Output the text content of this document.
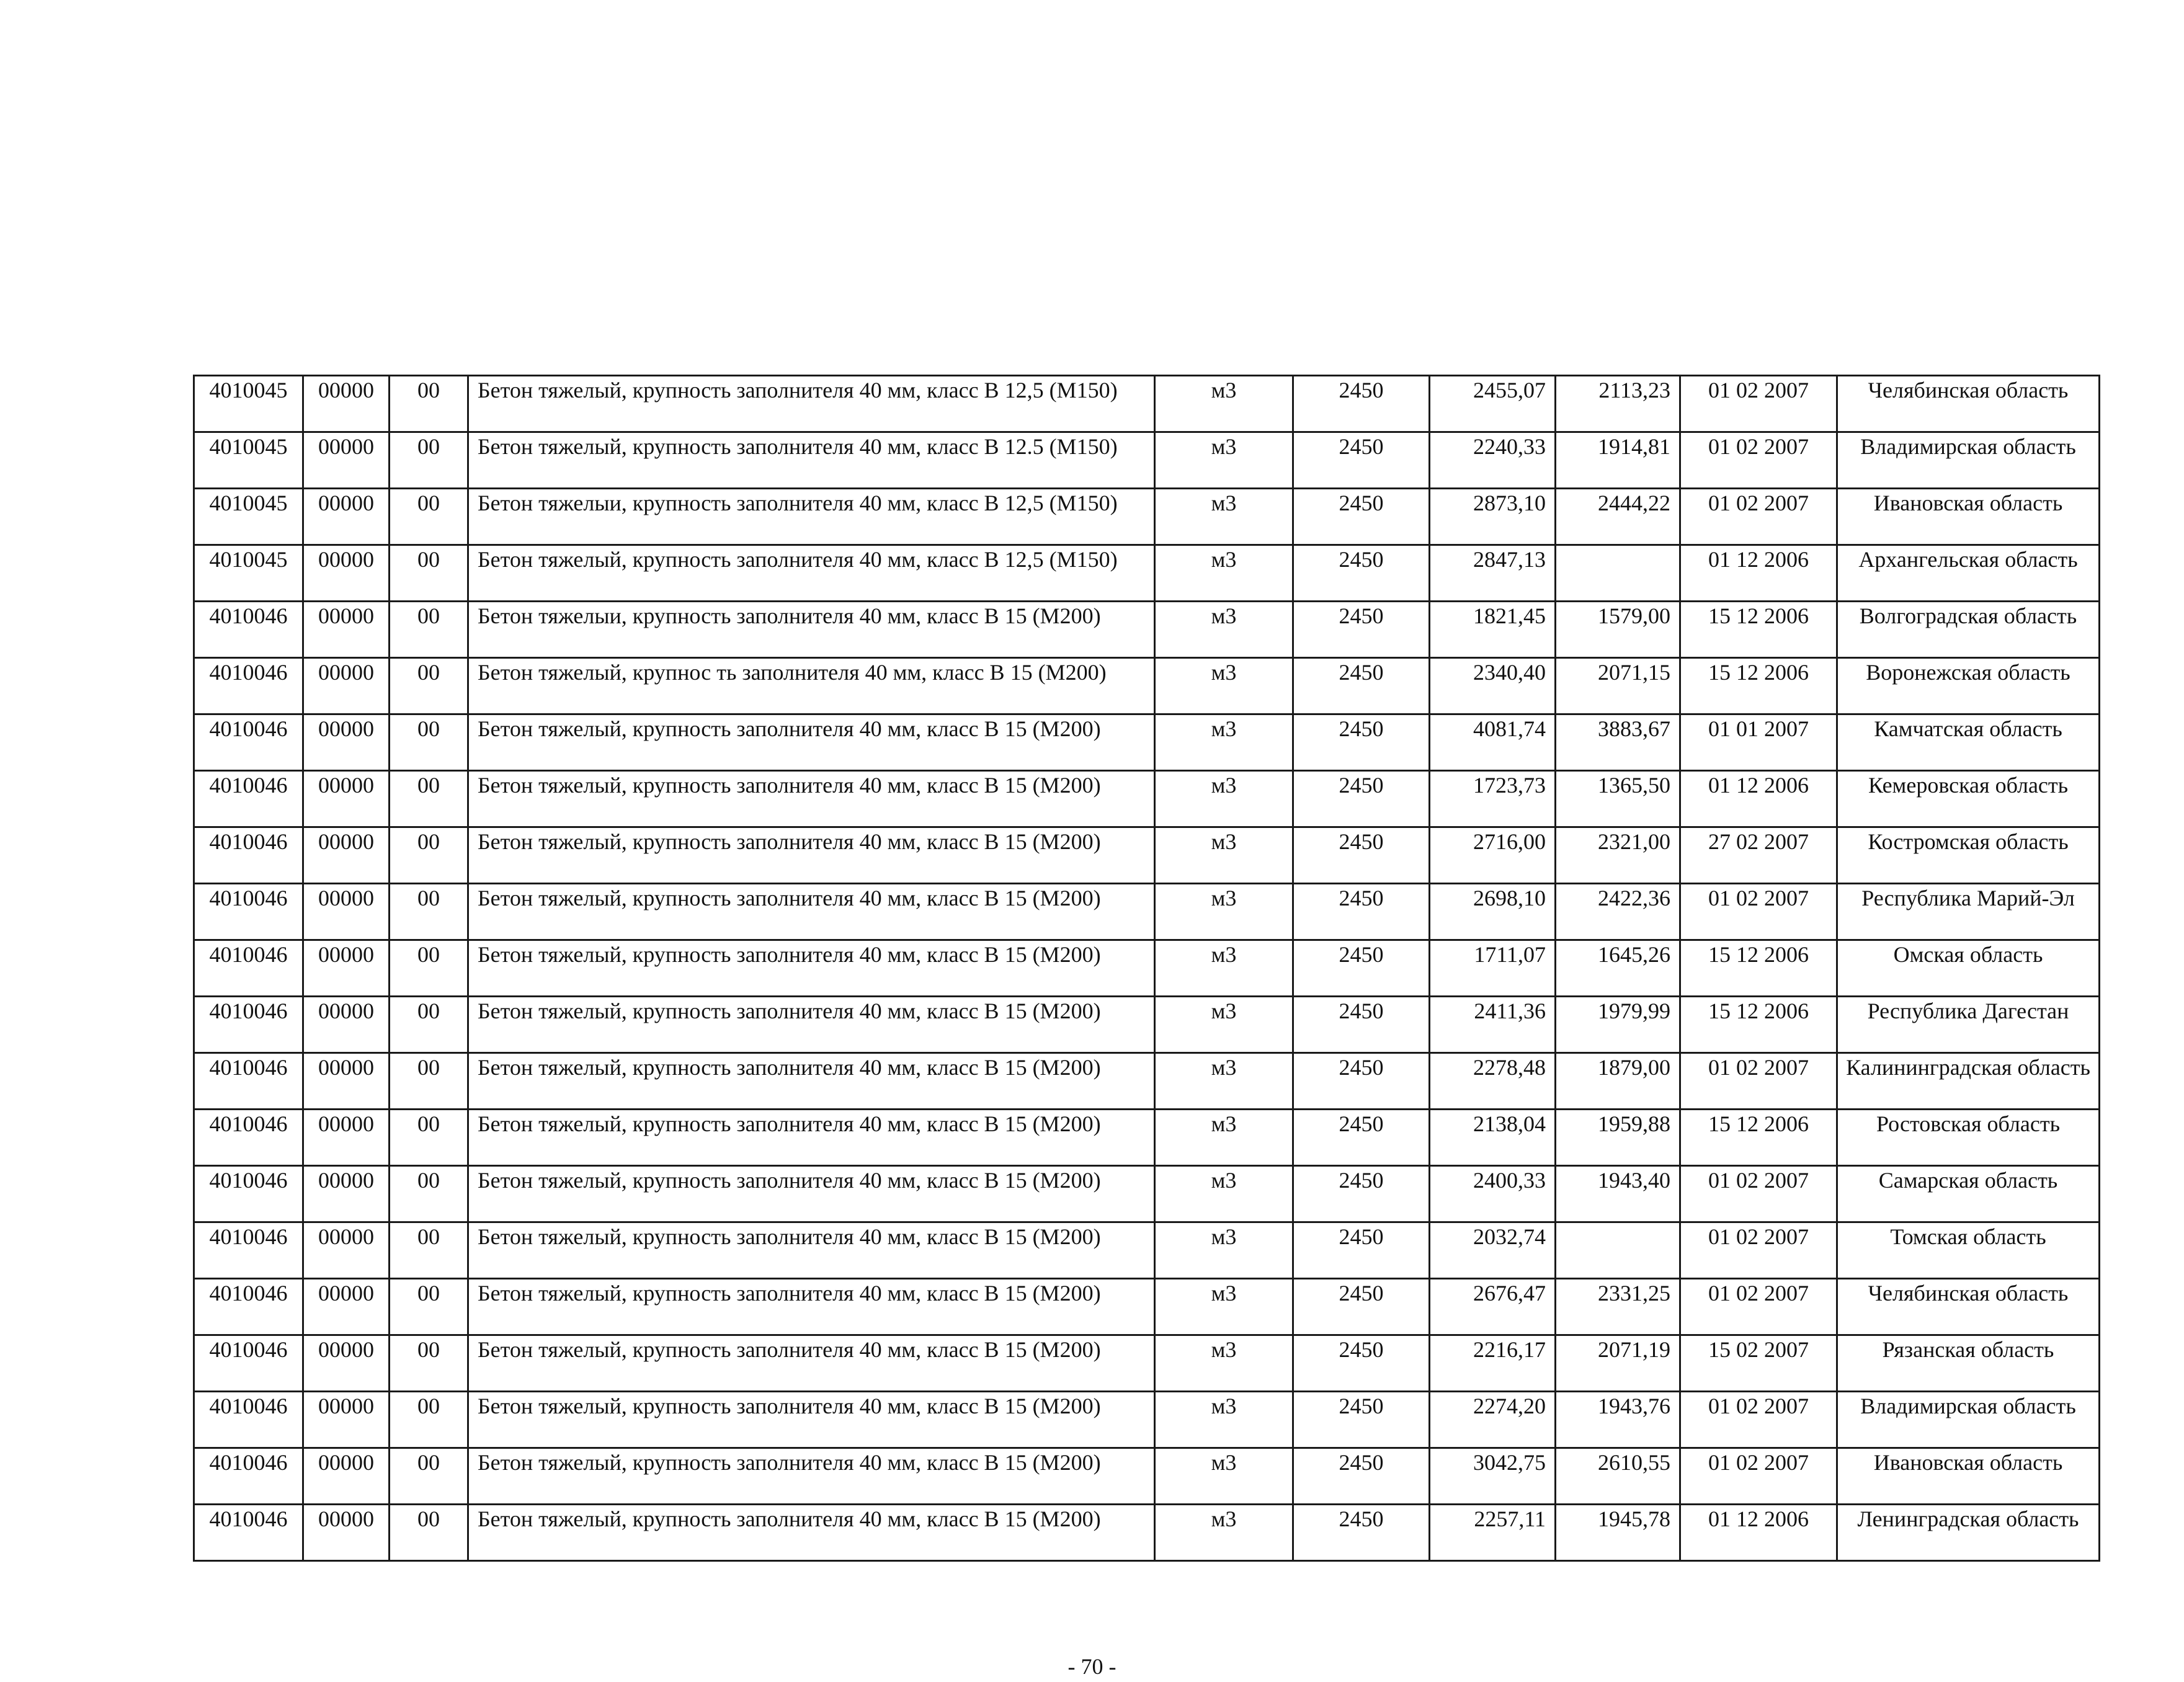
4010045	00000	00	Бетон тяжелый, крупность заполнителя 40 мм, класс В 12,5 (М150)	м3	2450	2455,07	2113,23	01 02 2007	Челябинская область
4010045	00000	00	Бетон тяжелый, крупность заполнителя 40 мм, класс В 12.5 (М150)	м3	2450	2240,33	1914,81	01 02 2007	Владимирская область
4010045	00000	00	Бетон тяжелыи, крупность заполнителя 40 мм, класс В 12,5 (М150)	м3	2450	2873,10	2444,22	01 02 2007	Ивановская область
4010045	00000	00	Бетон тяжелый, крупность заполнителя 40 мм, класс В 12,5 (М150)	м3	2450	2847,13		01 12 2006	Архангельская область
4010046	00000	00	Бетон тяжелыи, крупность заполнителя 40 мм, класс В 15 (М200)	м3	2450	1821,45	1579,00	15 12 2006	Волгоградская область
4010046	00000	00	Бетон тяжелый, крупнос ть заполнителя 40 мм, класс В 15 (М200)	м3	2450	2340,40	2071,15	15 12 2006	Воронежская область
4010046	00000	00	Бетон тяжелый, крупность заполнителя 40 мм, класс В 15 (М200)	м3	2450	4081,74	3883,67	01 01 2007	Камчатская область
4010046	00000	00	Бетон тяжелый, крупность заполнителя 40 мм, класс В 15 (М200)	м3	2450	1723,73	1365,50	01 12 2006	Кемеровская область
4010046	00000	00	Бетон тяжелый, крупность заполнителя 40 мм, класс В 15 (М200)	м3	2450	2716,00	2321,00	27 02 2007	Костромская область
4010046	00000	00	Бетон тяжелый, крупность заполнителя 40 мм, класс В 15 (М200)	м3	2450	2698,10	2422,36	01 02 2007	Республика Марий-Эл
4010046	00000	00	Бетон тяжелый, крупность заполнителя 40 мм, класс В 15 (М200)	м3	2450	1711,07	1645,26	15 12 2006	Омская область
4010046	00000	00	Бетон тяжелый, крупность заполнителя 40 мм, класс В 15 (М200)	м3	2450	2411,36	1979,99	15 12 2006	Республика Дагестан
4010046	00000	00	Бетон тяжелый, крупность заполнителя 40 мм, класс В 15 (М200)	м3	2450	2278,48	1879,00	01 02 2007	Калининградская область
4010046	00000	00	Бетон тяжелый, крупность заполнителя 40 мм, класс В 15 (М200)	м3	2450	2138,04	1959,88	15 12 2006	Ростовская область
4010046	00000	00	Бетон тяжелый, крупность заполнителя 40 мм, класс В 15 (М200)	м3	2450	2400,33	1943,40	01 02 2007	Самарская область
4010046	00000	00	Бетон тяжелый, крупность заполнителя 40 мм, класс В 15 (М200)	м3	2450	2032,74		01 02 2007	Томская область
4010046	00000	00	Бетон тяжелый, крупность заполнителя 40 мм, класс В 15 (М200)	м3	2450	2676,47	2331,25	01 02 2007	Челябинская область
4010046	00000	00	Бетон тяжелый, крупность заполнителя 40 мм, класс В 15 (М200)	м3	2450	2216,17	2071,19	15 02 2007	Рязанская область
4010046	00000	00	Бетон тяжелый, крупность заполнителя 40 мм, класс В 15 (М200)	м3	2450	2274,20	1943,76	01 02 2007	Владимирская область
4010046	00000	00	Бетон тяжелый, крупность заполнителя 40 мм, класс В 15 (М200)	м3	2450	3042,75	2610,55	01 02 2007	Ивановская область
4010046	00000	00	Бетон тяжелый, крупность заполнителя 40 мм, класс В 15 (М200)	м3	2450	2257,11	1945,78	01 12 2006	Ленинградская область
- 70 -
